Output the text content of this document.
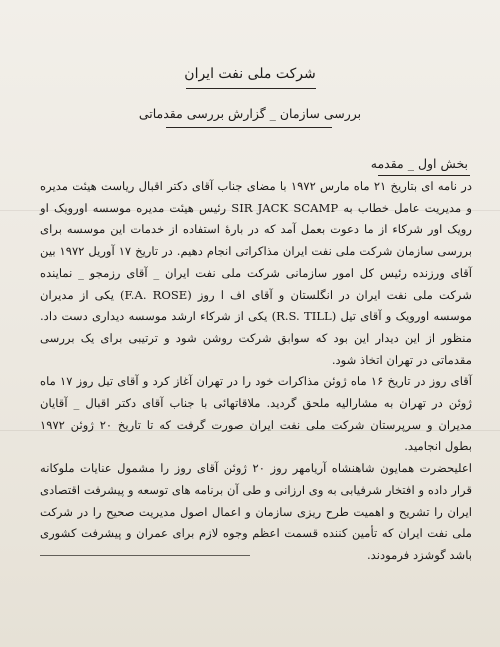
شرکت ملی نفت ایران
بررسی سازمان _ گزارش بررسی مقدماتی
بخش اول _ مقدمه

در نامه ای بتاریخ ۲۱ ماه مارس ۱۹۷۲ با مضای جناب آقای دکتر اقبال ریاست هیئت مدیره و مدیریت عامل خطاب به SIR JACK SCAMP رئیس هیئت مدیره موسسه اورویک او رویک اور شرکاء از ما دعوت بعمل آمد که در بارهٔ استفاده از خدمات این موسسه برای بررسی سازمان شرکت ملی نفت ایران مذاکراتی انجام دهیم. در تاریخ ۱۷ آوریل ۱۹۷۲ بین آقای ورزنده رئیس کل امور سازمانی شرکت ملی نفت ایران _ آقای رزمجو _ نماینده شرکت ملی نفت ایران در انگلستان و آقای اف ا روز (F.A. ROSE) یکی از مدیران موسسه اورویک و آقای تیل (R.S. TILL) یکی از شرکاء ارشد موسسه دیداری دست داد. منظور از این دیدار این بود که سوابق شرکت روشن شود و ترتیبی برای یک بررسی مقدماتی در تهران اتخاذ شود.

آقای روز در تاریخ ۱۶ ماه ژوئن مذاکرات خود را در تهران آغاز کرد و آقای تیل روز ۱۷ ماه ژوئن در تهران به مشارالیه ملحق گردید. ملاقاتهائی با جناب آقای دکتر اقبال _ آقایان مدیران و سرپرستان شرکت ملی نفت ایران صورت گرفت که تا تاریخ ۲۰ ژوئن ۱۹۷۲ بطول انجامید.

اعلیحضرت همایون شاهنشاه آریامهر روز ۲۰ ژوئن آقای روز را مشمول عنایات ملوکانه قرار داده و افتخار شرفیابی به وی ارزانی و طی آن برنامه های توسعه و پیشرفت اقتصادی ایران را تشریح و اهمیت طرح ریزی سازمان و اعمال اصول مدیریت صحیح را در شرکت ملی نفت ایران که تأمین کننده قسمت اعظم وجوه لازم برای عمران و پیشرفت کشوری باشد گوشزد فرمودند.
